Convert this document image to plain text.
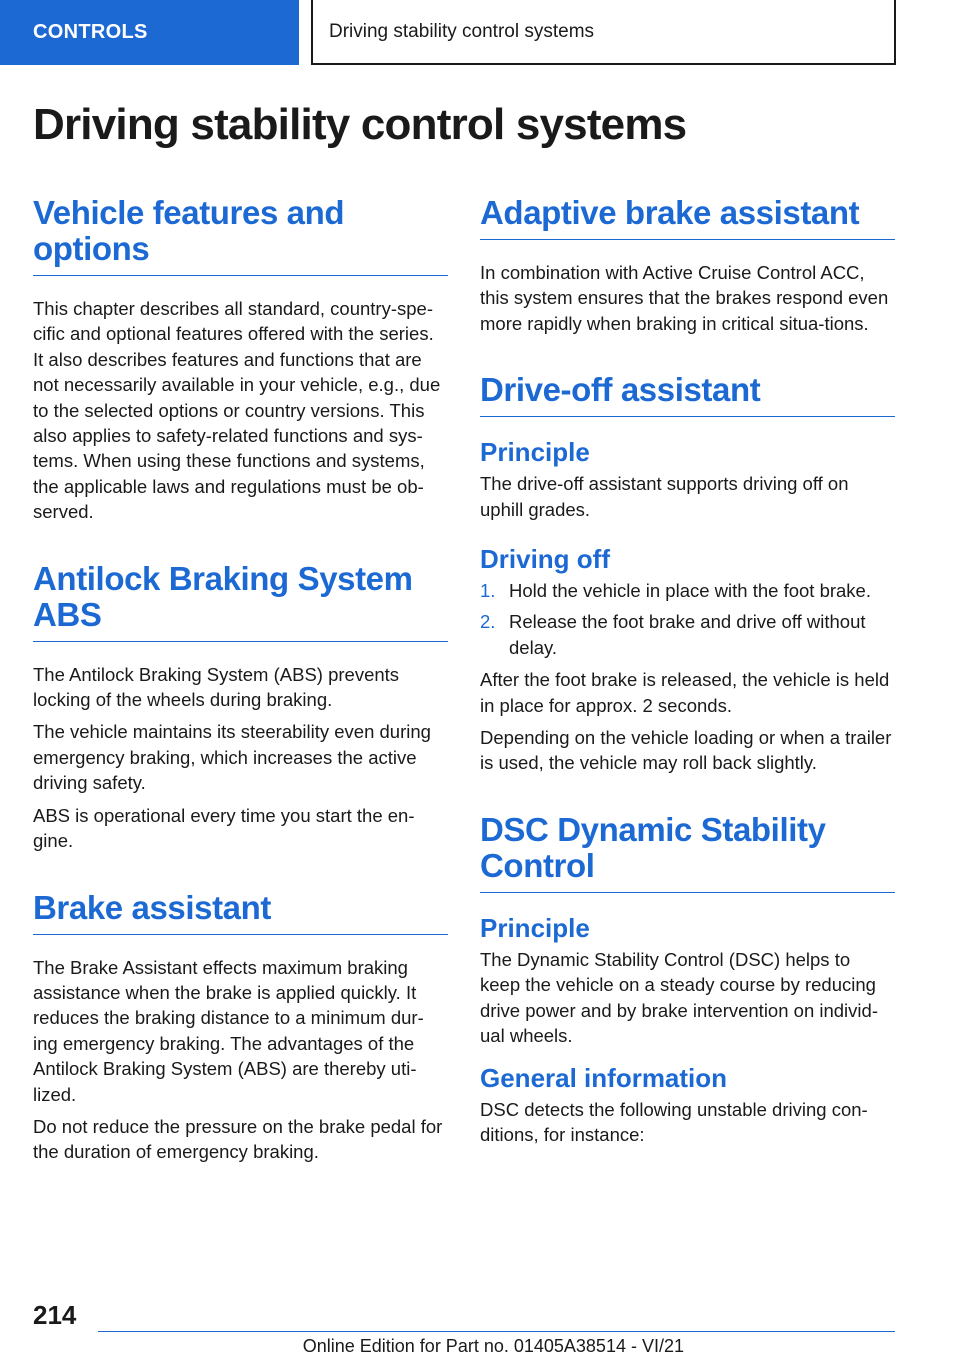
CONTROLS	Driving stability control systems
Driving stability control systems
Vehicle features and options

This chapter describes all standard, country-spe-cific and optional features offered with the series. It also describes features and functions that are not necessarily available in your vehicle, e.g., due to the selected options or country versions. This also applies to safety-related functions and sys-tems. When using these functions and systems, the applicable laws and regulations must be ob-served.

Antilock Braking System ABS

The Antilock Braking System (ABS) prevents locking of the wheels during braking.

The vehicle maintains its steerability even during emergency braking, which increases the active driving safety.

ABS is operational every time you start the en-gine.

Brake assistant

The Brake Assistant effects maximum braking assistance when the brake is applied quickly. It reduces the braking distance to a minimum dur-ing emergency braking. The advantages of the Antilock Braking System (ABS) are thereby uti-lized.

Do not reduce the pressure on the brake pedal for the duration of emergency braking.

Adaptive brake assistant

In combination with Active Cruise Control ACC, this system ensures that the brakes respond even more rapidly when braking in critical situa-tions.

Drive-off assistant
Principle

The drive-off assistant supports driving off on uphill grades.

Driving off
1. Hold the vehicle in place with the foot brake.
2. Release the foot brake and drive off without delay.

After the foot brake is released, the vehicle is held in place for approx. 2 seconds.

Depending on the vehicle loading or when a trailer is used, the vehicle may roll back slightly.

DSC Dynamic Stability Control
Principle

The Dynamic Stability Control (DSC) helps to keep the vehicle on a steady course by reducing drive power and by brake intervention on individ-ual wheels.

General information

DSC detects the following unstable driving con-ditions, for instance:

214
Online Edition for Part no. 01405A38514 - VI/21
